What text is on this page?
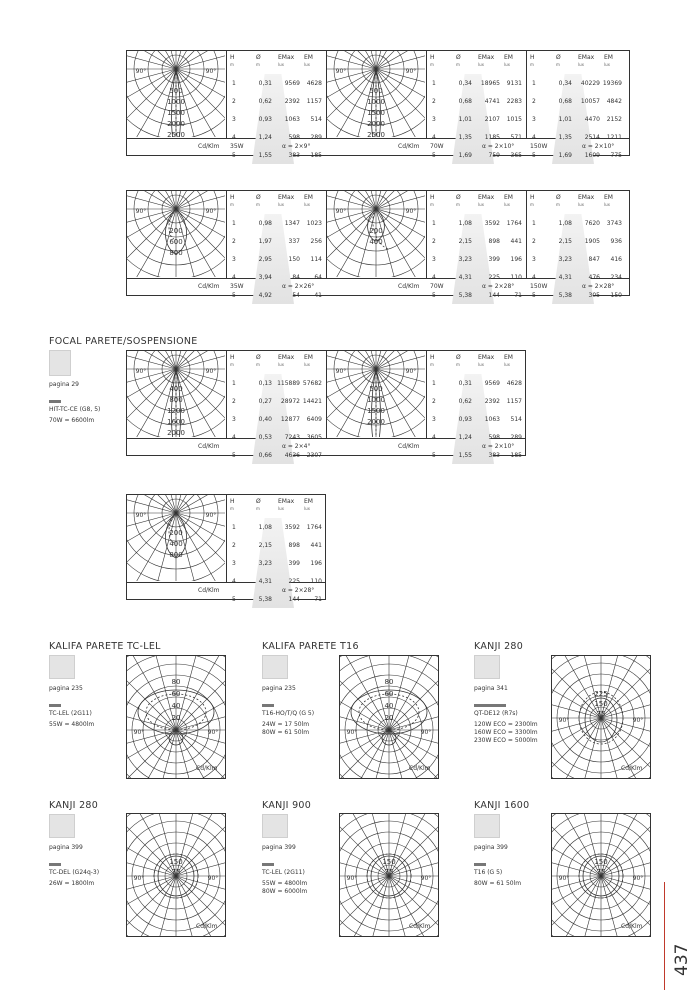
500
1000
1500
2000
2500
90°	90°
500
1000
1500
2000
2500
90°	90°
H
m
Ø
m
EMax
lux
EM
lux
1	0,31	9569	4628
2	0,62	2392	1157
3	0,93	1063	514
4	1,24	598	289
5	1,55	383	185
H
m
Ø
m
EMax
lux
EM
lux
1	0,34	18965	9131
2	0,68	4741	2283
3	1,01	2107	1015
4	1,35	1185	571
5	1,69	759	365
H
m
Ø
m
EMax
lux
EM
lux
1	0,34	40229 19369
2	0,68	10057	4842
3	1,01	4470	2152
4	1,35	2514	1211
5	1,69	1609	775
Cd/Klm 35W	α = 2×9°	Cd/Klm 70W	α = 2×10°	150W	α = 2×10°
200
600
800
90°	90°
200
400
90°	90°
H
m
Ø
m
EMax
lux
EM
lux
1	0,98	1347	1023
2	1,97	337	256
3	2,95	150	114
4	3,94	84	64
5	4,92	54	41
H
m
Ø
m
EMax
lux
EM
lux
1	1,08	3592	1764
2	2,15	898	441
3	3,23	399	196
4	4,31	225	110
5	5,38	144	71
H
m
Ø
m
EMax
lux
EM
lux
1	1,08	7620	3743
2	2,15	1905	936
3	3,23	847	416
4	4,31	476	234
5	5,38	305	150
Cd/Klm 35W	α = 2×26°	Cd/Klm 70W	α = 2×28°	150W	α = 2×28°
FOCAL PARETE/SOSPENSIONE
pagina 29
HIT-TC-CE (G8, 5)
70W = 6600lm
400
800
1200
1600
2000
90°	90°
H
m
Ø
m
EMax
lux
EM
lux
1	0,13 115889 57682
2	0,27	28972 14421
3	0,40	12877	6409
4	0,53	7243	3605
5	0,66	4636	2307
Cd/Klm	α = 2×4°
500
1000
1500
2000
90°	90°
H
m
Ø
m
EMax
lux
EM
lux
1	0,31	9569	4628
2	0,62	2392	1157
3	0,93	1063	514
4	1,24	598	289
5	1,55	383	185
Cd/Klm	α = 2×10°
200
400
800
90°	90°
H
m
Ø
m
EMax
lux
EM
lux
1	1,08	3592	1764
2	2,15	898	441
3	3,23	399	196
4	4,31	225	110
5	5,38	144	71
Cd/Klm	α = 2×28°
KALIFA PARETE TC-LEL
pagina 235
TC-LEL (2G11)
55W = 4800lm
80
60
40
20
90°	90°
Cd/Klm
KALIFA PARETE T16
pagina 235
T16-HO/T/Q (G 5)
24W = 17 50lm
80W = 61 50lm
80
60
40
20
90°	90°
Cd/Klm
KANJI 280
pagina 341
QT-DE12 (R7s)
120W ECO = 2300lm
160W ECO = 3300lm
230W ECO = 5000lm
225
150
75
90°	90°
Cd/Klm
KANJI 280
pagina 399
TC-DEL (G24q-3)
26W = 1800lm
150
75
90°	90°
Cd/Klm
KANJI 900
pagina 399
TC-LEL (2G11)
55W = 4800lm
80W = 6000lm
150
75
90°	90°
Cd/Klm
KANJI 1600
pagina 399
T16 (G 5)
80W = 61 50lm
150
75
90°	90°
Cd/Klm
437
